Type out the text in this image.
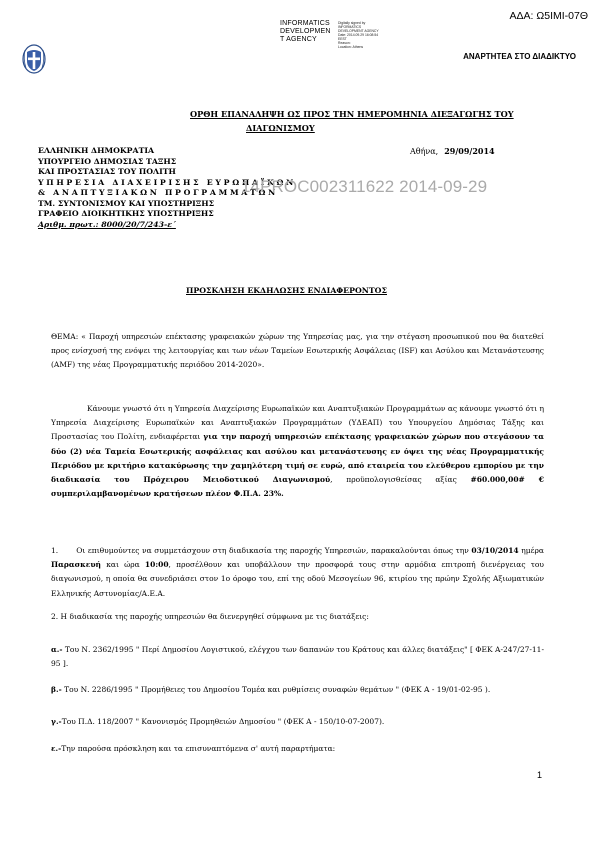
INFORMATICS
DEVELOPMEN
T AGENCY
Digitally signed by
INFORMATICS
DEVELOPMENT AGENCY
Date: 2014.09.29 16:08:54
EEST
Reason:
Location: Athens
ΑΔΑ: Ω5ΙΜΙ-07Θ
ΑΝΑΡΤΗΤΕΑ ΣΤΟ ΔΙΑΔΙΚΤΥΟ
ΟΡΘΗ ΕΠΑΝΑΛΗΨΗ ΩΣ ΠΡΟΣ ΤΗΝ ΗΜΕΡΟΜΗΝΙΑ ΔΙΕΞΑΓΩΓΗΣ ΤΟΥ
ΔΙΑΓΩΝΙΣΜΟΥ
ΕΛΛΗΝΙΚΗ ΔΗΜΟΚΡΑΤΙΑ
ΥΠΟΥΡΓΕΙΟ ΔΗΜΟΣΙΑΣ ΤΑΞΗΣ
ΚΑΙ ΠΡΟΣΤΑΣΙΑΣ ΤΟΥ ΠΟΛΙΤΗ
ΥΠΗΡΕΣΙΑ ΔΙΑΧΕΙΡΙΣΗΣ ΕΥΡΩΠΑΪΚΩΝ
& ΑΝΑΠΤΥΞΙΑΚΩΝ ΠΡΟΓΡΑΜΜΑΤΩΝ
ΤΜ. ΣΥΝΤΟΝΙΣΜΟΥ ΚΑΙ ΥΠΟΣΤΗΡΙΞΗΣ
ΓΡΑΦΕΙΟ ΔΙΟΙΚΗΤΙΚΗΣ ΥΠΟΣΤΗΡΙΞΗΣ
Αριθμ. πρωτ.: 8000/20/7/243-ε΄
Αθήνα, 29/09/2014
14PROC002311622 2014-09-29
ΠΡΟΣΚΛΗΣΗ ΕΚΔΗΛΩΣΗΣ ΕΝΔΙΑΦΕΡΟΝΤΟΣ
ΘΕΜΑ: « Παροχή υπηρεσιών επέκτασης γραφειακών χώρων της Υπηρεσίας μας, για την στέγαση προσωπικού που θα διατεθεί προς ενίσχυσή της ενόψει της λειτουργίας και των νέων Ταμείων Εσωτερικής Ασφάλειας (ISF) και Ασύλου και Μετανάστευσης (AMF) της νέας Προγραμματικής περιόδου 2014-2020».
Κάνουμε γνωστό ότι η Υπηρεσία Διαχείρισης Ευρωπαϊκών και Αναπτυξιακών Προγραμμάτων ας κάνουμε γνωστό ότι η Υπηρεσία Διαχείρισης Ευρωπαϊκών και Αναπτυξιακών Προγραμμάτων (ΥΔΕΑΠ) του Υπουργείου Δημόσιας Τάξης και Προστασίας του Πολίτη, ενδιαφέρεται για την παροχή υπηρεσιών επέκτασης γραφειακών χώρων που στεγάσουν τα δύο (2) νέα Ταμεία Εσωτερικής ασφάλειας και ασύλου και μετανάστευσης εν όψει της νέας Προγραμματικής Περιόδου με κριτήριο κατακύρωσης την χαμηλότερη τιμή σε ευρώ, από εταιρεία του ελεύθερου εμπορίου με την διαδικασία του Πρόχειρου Μειοδοτικού Διαγωνισμού, προϋπολογισθείσας αξίας #60.000,00# € συμπεριλαμβανομένων κρατήσεων πλέον Φ.Π.Α. 23%.
1. Οι επιθυμούντες να συμμετάσχουν στη διαδικασία της παροχής Υπηρεσιών, παρακαλούνται όπως την 03/10/2014 ημέρα Παρασκευή και ώρα 10:00, προσέλθουν και υποβάλλουν την προσφορά τους στην αρμόδια επιτροπή διενέργειας του διαγωνισμού, η οποία θα συνεδριάσει στον 1ο όροφο του, επί της οδού Μεσογείων 96, κτιρίου της πρώην Σχολής Αξιωματικών Ελληνικής Αστυνομίας/Α.Ε.Α.
2. Η διαδικασία της παροχής υπηρεσιών θα διενεργηθεί σύμφωνα με τις διατάξεις:
α.- Του Ν. 2362/1995 " Περί Δημοσίου Λογιστικού, ελέγχου των δαπανών του Κράτους και άλλες διατάξεις" [ ΦΕΚ Α-247/27-11-95 ].
β.- Του Ν. 2286/1995 " Προμήθειες του Δημοσίου Τομέα και ρυθμίσεις συναφών θεμάτων " (ΦΕΚ Α - 19/01-02-95 ).
γ.-Του Π.Δ. 118/2007 " Κανονισμός Προμηθειών Δημοσίου " (ΦΕΚ Α - 150/10-07-2007).
ε.-Την παρούσα πρόσκληση και τα επισυναπτόμενα σ' αυτή παραρτήματα:
1
